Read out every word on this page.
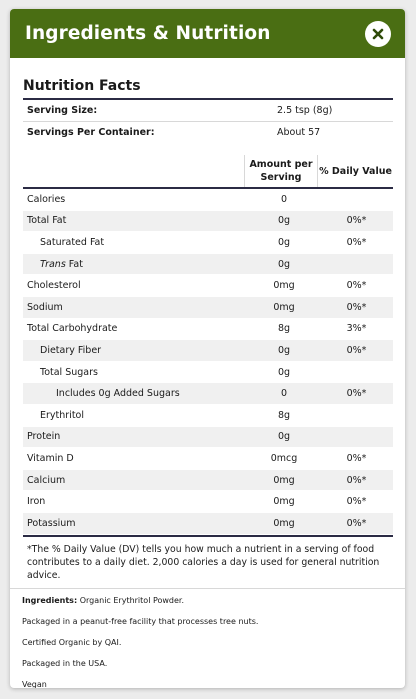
Ingredients & Nutrition
Nutrition Facts
Serving Size:	2.5 tsp (8g)
Servings Per Container:	About 57
	Amount per Serving	% Daily Value
Calories	0	
Total Fat	0g	0%*
Saturated Fat	0g	0%*
Trans Fat	0g	
Cholesterol	0mg	0%*
Sodium	0mg	0%*
Total Carbohydrate	8g	3%*
Dietary Fiber	0g	0%*
Total Sugars	0g	
Includes 0g Added Sugars	0	0%*
Erythritol	8g	
Protein	0g	
Vitamin D	0mcg	0%*
Calcium	0mg	0%*
Iron	0mg	0%*
Potassium	0mg	0%*
*The % Daily Value (DV) tells you how much a nutrient in a serving of food contributes to a daily diet. 2,000 calories a day is used for general nutrition advice.

Ingredients: Organic Erythritol Powder.

Packaged in a peanut-free facility that processes tree nuts.

Certified Organic by QAI.

Packaged in the USA.

Vegan
